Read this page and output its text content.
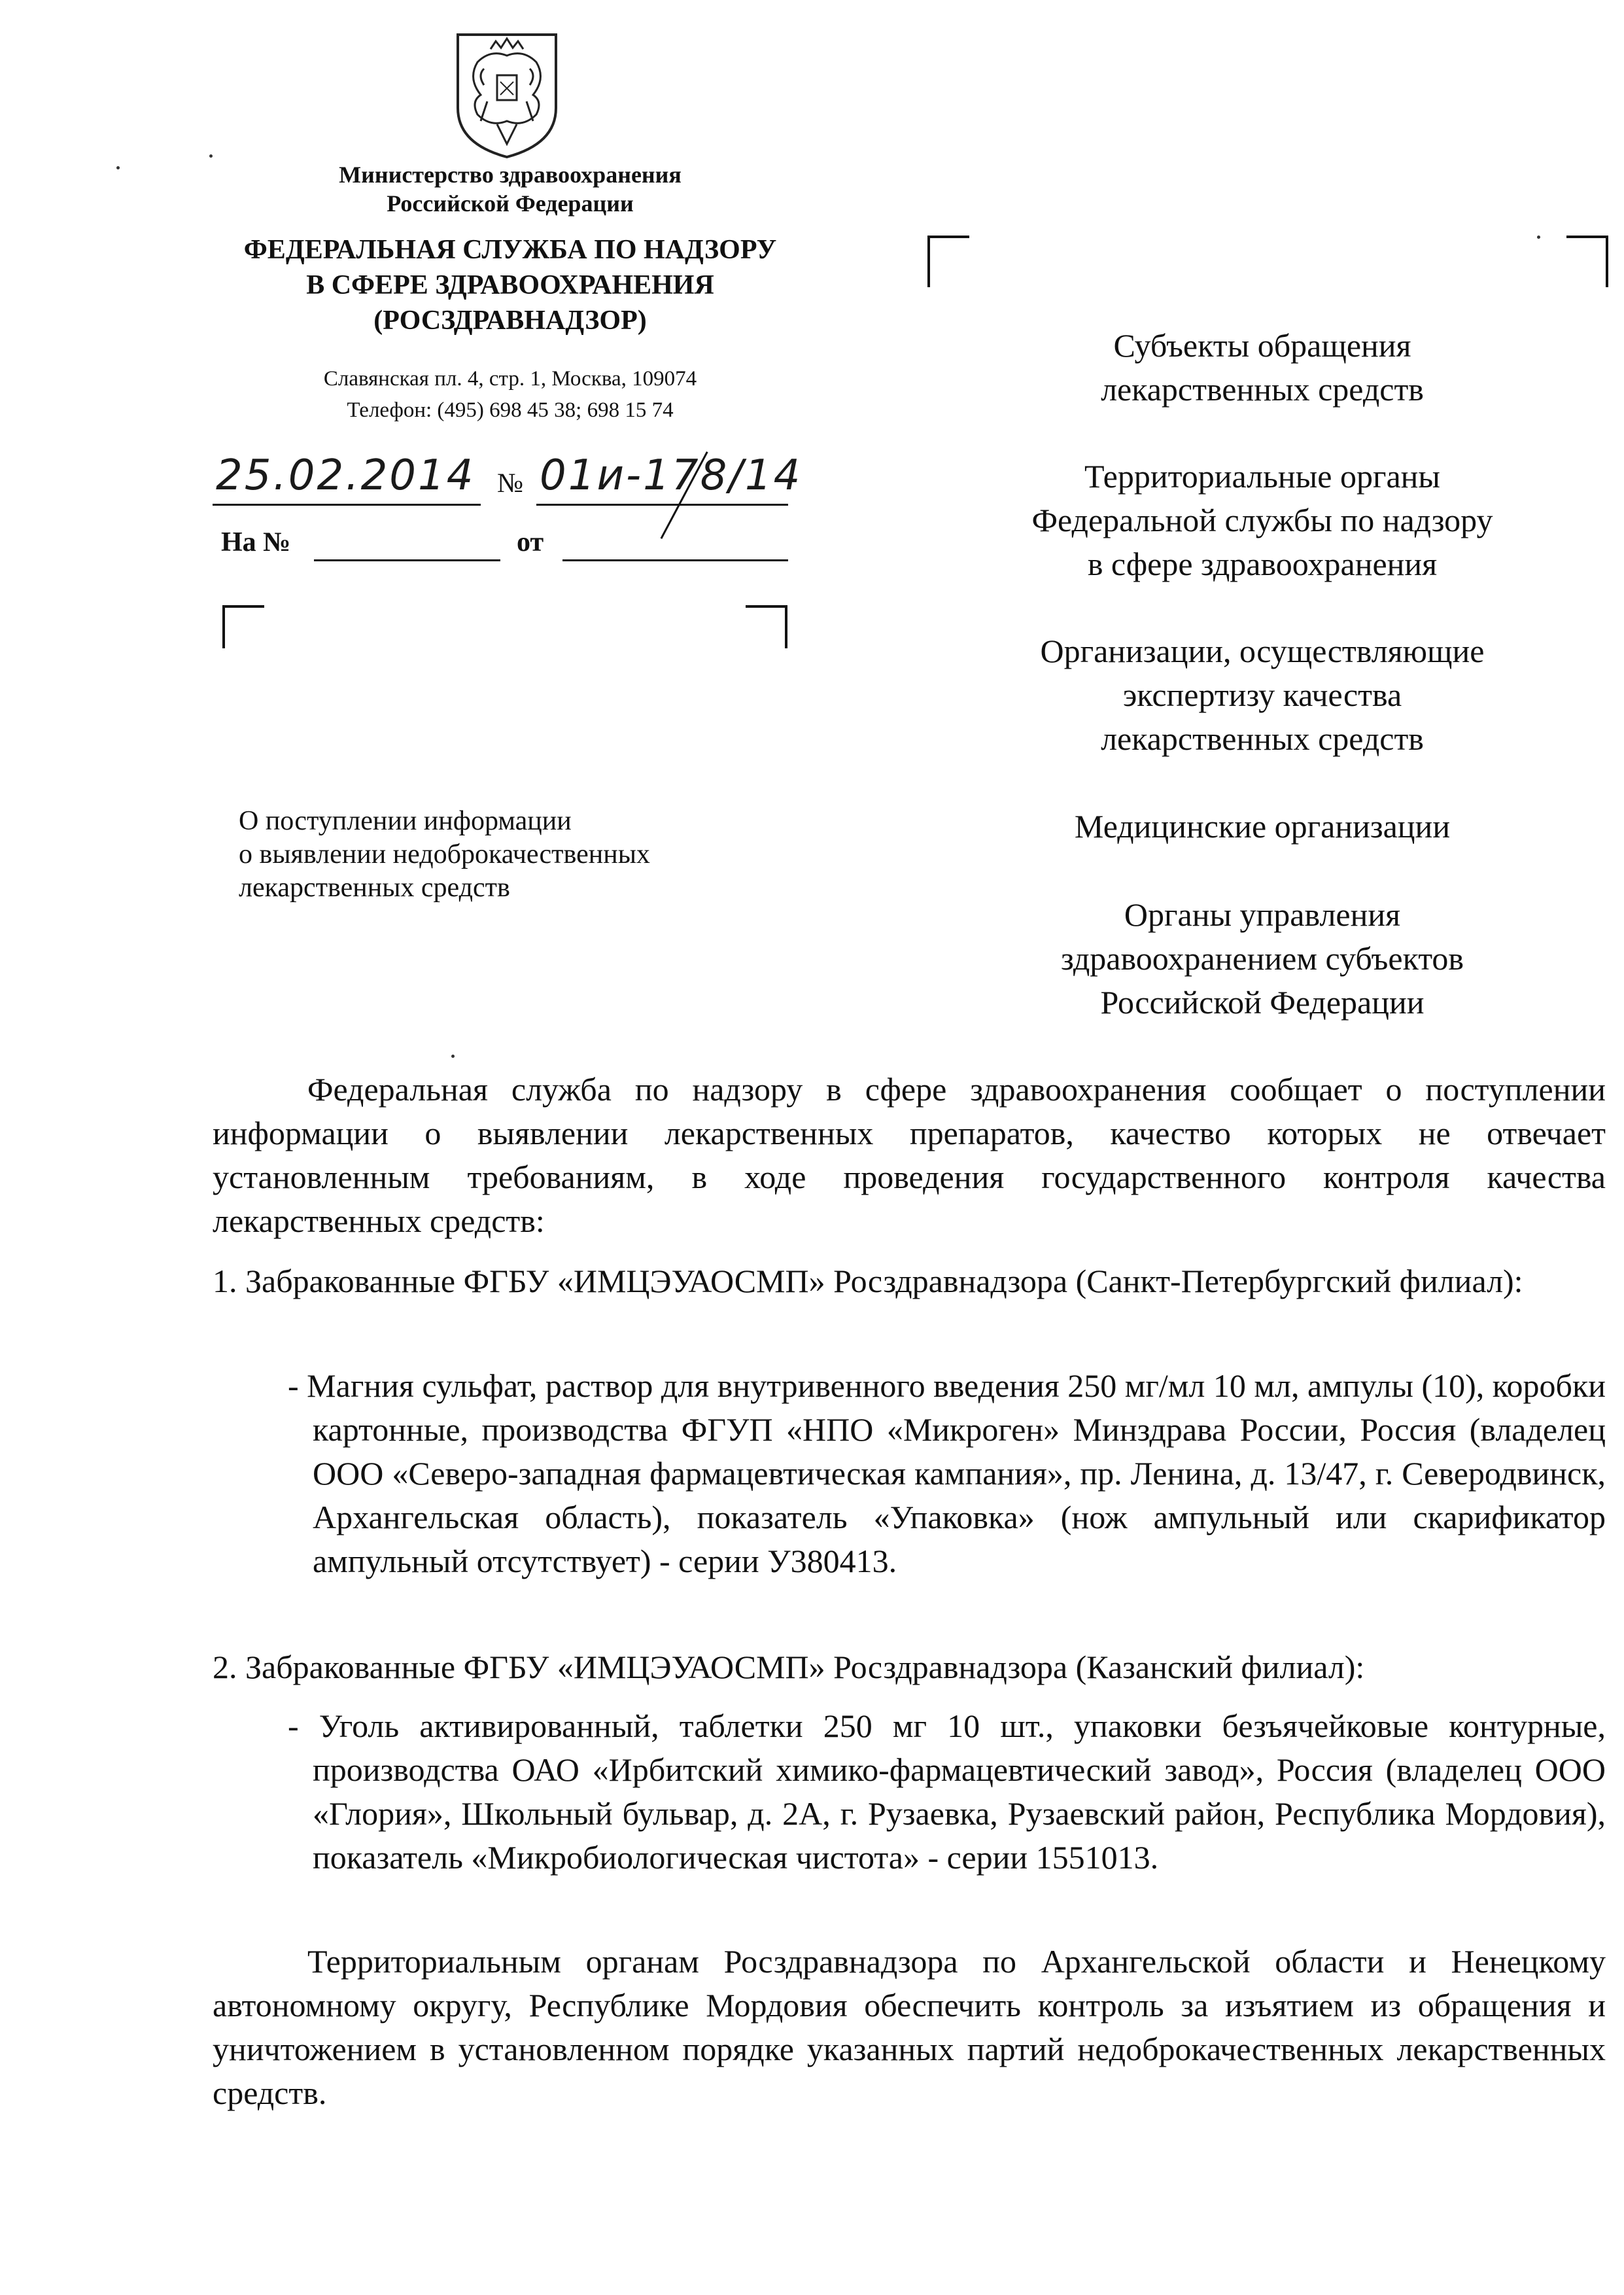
Министерство здравоохранения
Российской Федерации
ФЕДЕРАЛЬНАЯ СЛУЖБА ПО НАДЗОРУ
В СФЕРЕ ЗДРАВООХРАНЕНИЯ
(РОСЗДРАВНАДЗОР)
Славянская пл. 4, стр. 1, Москва, 109074
Телефон: (495) 698 45 38; 698 15 74
25.02.2014 № 01и-178/14
На №	от
Субъекты обращения
лекарственных средств
Территориальные органы
Федеральной службы по надзору
в сфере здравоохранения
Организации, осуществляющие
экспертизу качества
лекарственных средств
Медицинские организации
Органы управления
здравоохранением субъектов
Российской Федерации
О поступлении информации
о выявлении недоброкачественных
лекарственных средств
Федеральная служба по надзору в сфере здравоохранения сообщает о поступлении информации о выявлении лекарственных препаратов, качество которых не отвечает установленным требованиям, в ходе проведения государственного контроля качества лекарственных средств:
1. Забракованные ФГБУ «ИМЦЭУАОСМП» Росздравнадзора (Санкт-Петербургский филиал):
- Магния сульфат, раствор для внутривенного введения 250 мг/мл 10 мл, ампулы (10), коробки картонные, производства ФГУП «НПО «Микроген» Минздрава России, Россия (владелец ООО «Северо-западная фармацевтическая кампания», пр. Ленина, д. 13/47, г. Северодвинск, Архангельская область), показатель «Упаковка» (нож ампульный или скарификатор ампульный отсутствует) - серии У380413.
2. Забракованные ФГБУ «ИМЦЭУАОСМП» Росздравнадзора (Казанский филиал):
- Уголь активированный, таблетки 250 мг 10 шт., упаковки безъячейковые контурные, производства ОАО «Ирбитский химико-фармацевтический завод», Россия (владелец ООО «Глория», Школьный бульвар, д. 2А, г. Рузаевка, Рузаевский район, Республика Мордовия), показатель «Микробиологическая чистота» - серии 1551013.
Территориальным органам Росздравнадзора по Архангельской области и Ненецкому автономному округу, Республике Мордовия обеспечить контроль за изъятием из обращения и уничтожением в установленном порядке указанных партий недоброкачественных лекарственных средств.
